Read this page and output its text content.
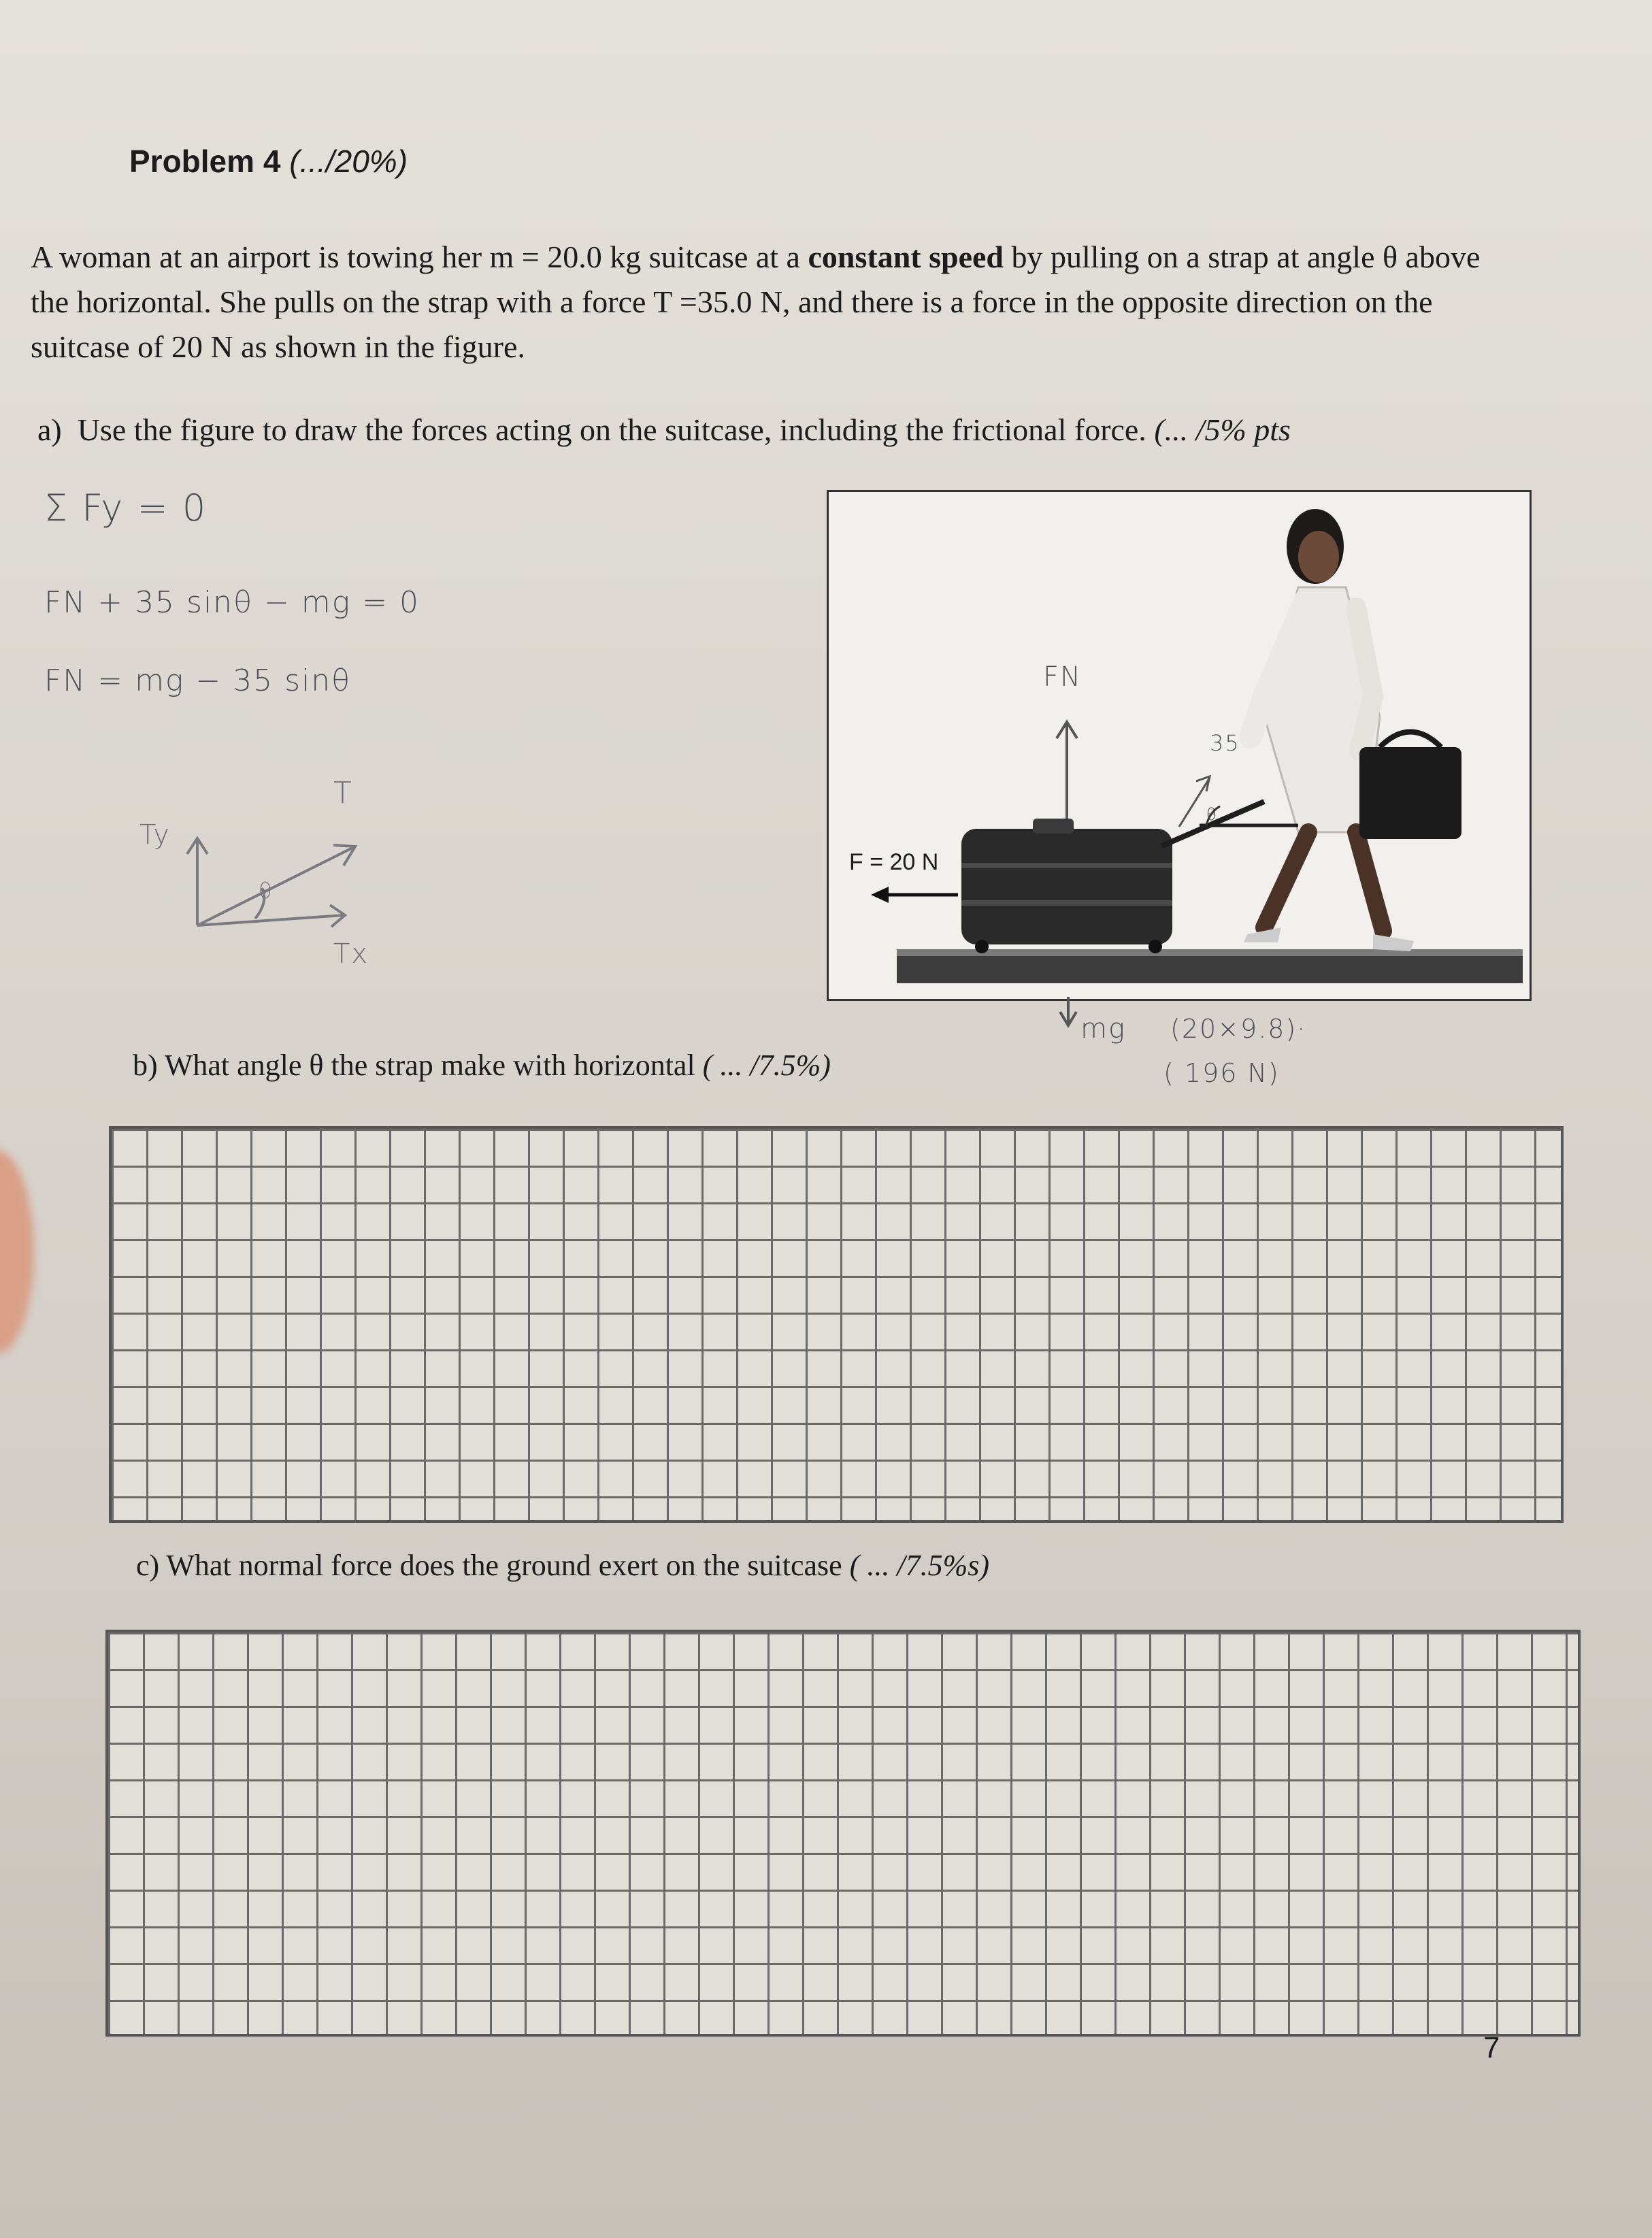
Problem 4 (.../20%)
A woman at an airport is towing her m = 20.0 kg suitcase at a constant speed by pulling on a strap at angle θ above
the horizontal. She pulls on the strap with a force T =35.0 N, and there is a force in the opposite direction on the
suitcase of 20 N as shown in the figure.
a) Use the figure to draw the forces acting on the suitcase, including the frictional force. (... /5% pts
Σ Fy = 0
FN + 35 sinθ − mg = 0
FN = mg − 35 sinθ
T
Ty
Tx
θ
θ
35
FN
F = 20 N
mg (20×9.8)·
( 196 N)
b) What angle θ the strap make with horizontal ( ... /7.5%)
c) What normal force does the ground exert on the suitcase ( ... /7.5%s)
7
